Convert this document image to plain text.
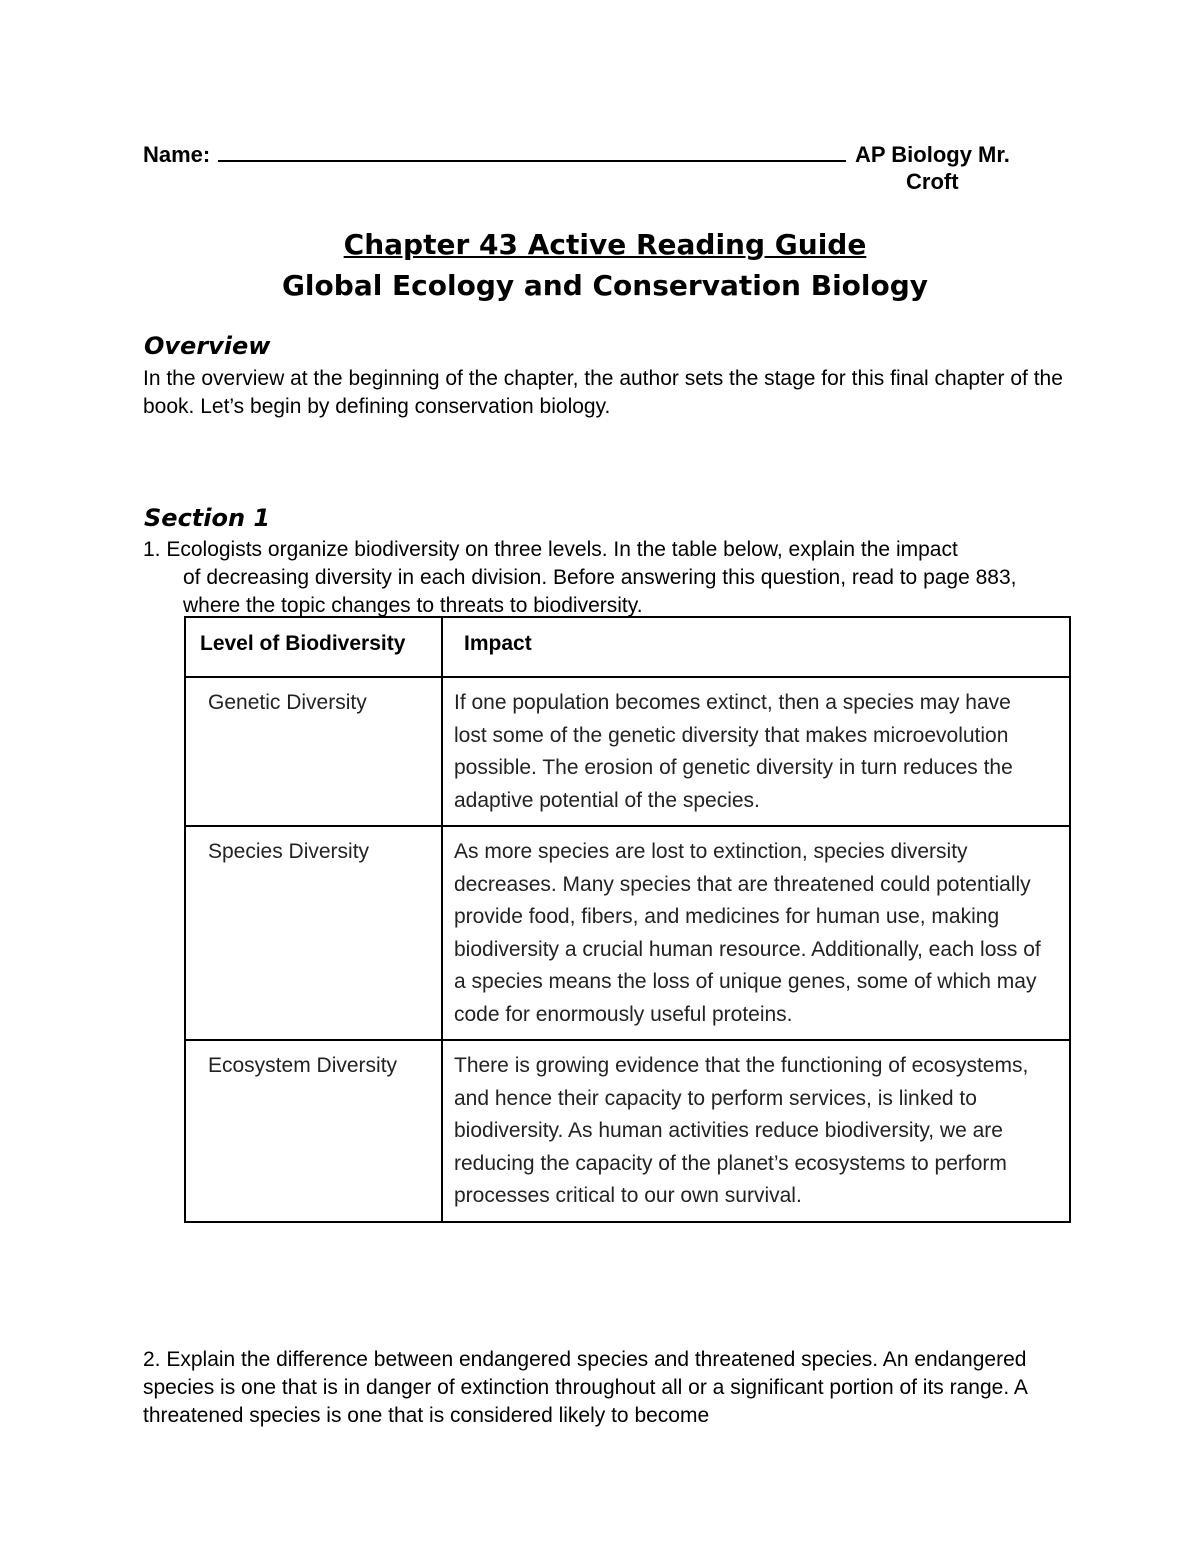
Name:	AP Biology Mr.
Croft
Chapter 43 Active Reading Guide
Global Ecology and Conservation Biology
Overview
In the overview at the beginning of the chapter, the author sets the stage for this final chapter of the book. Let’s begin by defining conservation biology.
Section 1
1. Ecologists organize biodiversity on three levels. In the table below, explain the impact
of decreasing diversity in each division. Before answering this question, read to page 883, where the topic changes to threats to biodiversity.
Level of Biodiversity	Impact
Genetic Diversity	If one population becomes extinct, then a species may have lost some of the genetic diversity that makes microevolution possible. The erosion of genetic diversity in turn reduces the adaptive potential of the species.
Species Diversity	As more species are lost to extinction, species diversity decreases. Many species that are threatened could potentially provide food, fibers, and medicines for human use, making biodiversity a crucial human resource. Additionally, each loss of a species means the loss of unique genes, some of which may code for enormously useful proteins.
Ecosystem Diversity	There is growing evidence that the functioning of ecosystems, and hence their capacity to perform services, is linked to biodiversity. As human activities reduce biodiversity, we are reducing the capacity of the planet’s ecosystems to perform processes critical to our own survival.
2. Explain the difference between endangered species and threatened species. An endangered species is one that is in danger of extinction throughout all or a significant portion of its range. A threatened species is one that is considered likely to become
